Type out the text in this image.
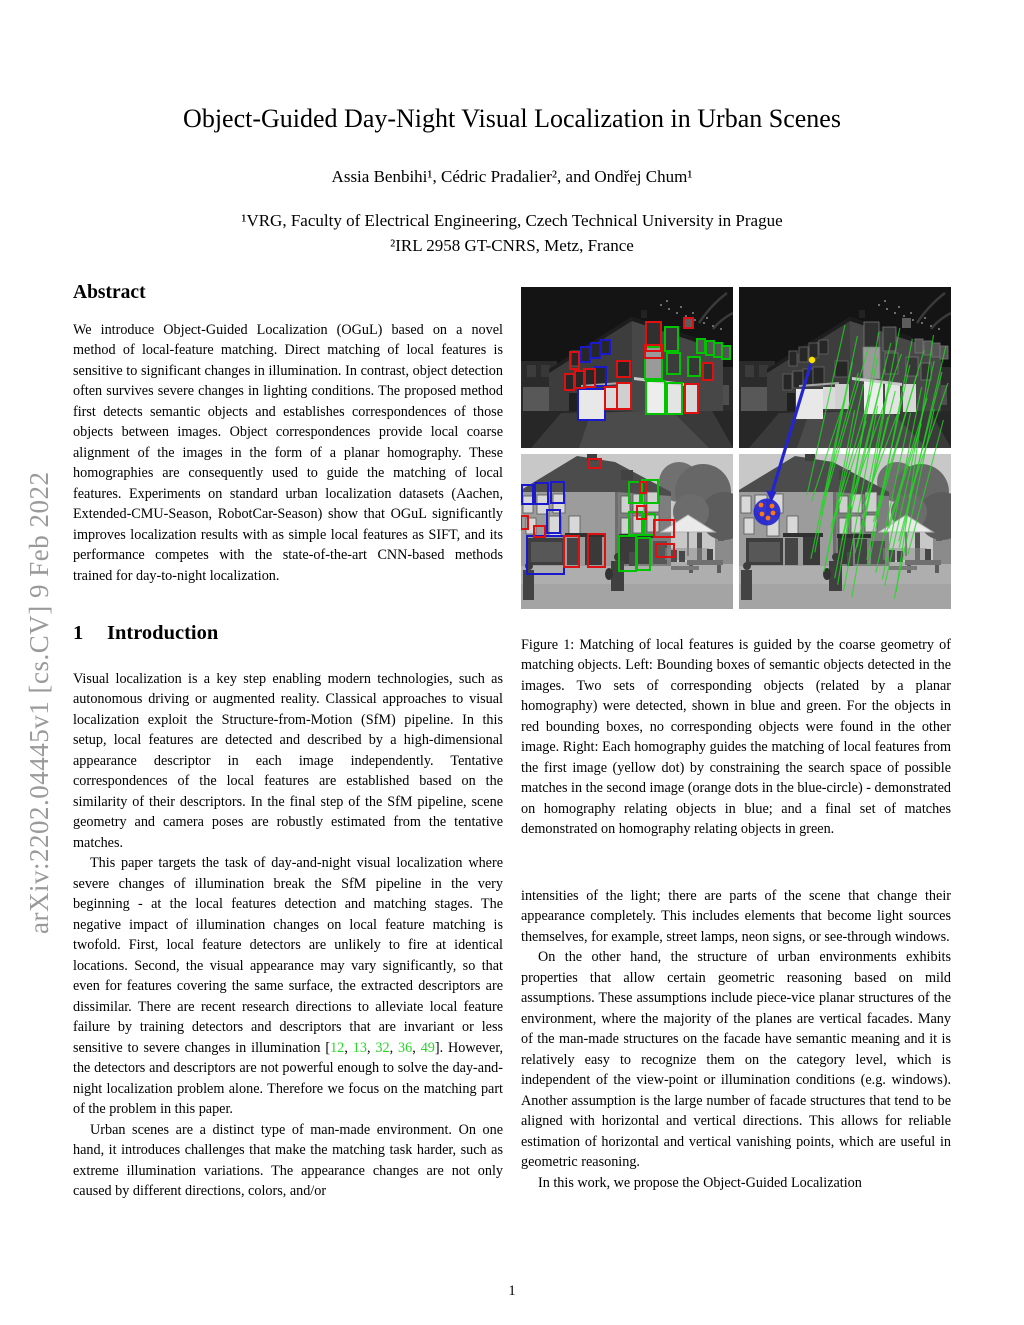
arXiv:2202.04445v1 [cs.CV] 9 Feb 2022
Object-Guided Day-Night Visual Localization in Urban Scenes
Assia Benbihi¹, Cédric Pradalier², and Ondřej Chum¹
¹VRG, Faculty of Electrical Engineering, Czech Technical University in Prague
²IRL 2958 GT-CNRS, Metz, France
Abstract

We introduce Object-Guided Localization (OGuL) based on a novel method of local-feature matching. Direct matching of local features is sensitive to significant changes in illumination. In contrast, object detection often survives severe changes in lighting conditions. The proposed method first detects semantic objects and establishes correspondences of those objects between images. Object correspondences provide local coarse alignment of the images in the form of a planar homography. These homographies are consequently used to guide the matching of local features. Experiments on standard urban localization datasets (Aachen, Extended-CMU-Season, RobotCar-Season) show that OGuL significantly improves localization results with as simple local features as SIFT, and its performance competes with the state-of-the-art CNN-based methods trained for day-to-night localization.

1 Introduction

Visual localization is a key step enabling modern technologies, such as autonomous driving or augmented reality. Classical approaches to visual localization exploit the Structure-from-Motion (SfM) pipeline. In this setup, local features are detected and described by a high-dimensional appearance descriptor in each image independently. Tentative correspondences of the local features are established based on the similarity of their descriptors. In the final step of the SfM pipeline, scene geometry and camera poses are robustly estimated from the tentative matches.

This paper targets the task of day-and-night visual localization where severe changes of illumination break the SfM pipeline in the very beginning - at the local features detection and matching stages. The negative impact of illumination changes on local feature matching is twofold. First, local feature detectors are unlikely to fire at identical locations. Second, the visual appearance may vary significantly, so that even for features covering the same surface, the extracted descriptors are dissimilar. There are recent research directions to alleviate local feature failure by training detectors and descriptors that are invariant or less sensitive to severe changes in illumination [12, 13, 32, 36, 49]. However, the detectors and descriptors are not powerful enough to solve the day-and-night localization problem alone. Therefore we focus on the matching part of the problem in this paper.

Urban scenes are a distinct type of man-made environment. On one hand, it introduces challenges that make the matching task harder, such as extreme illumination variations. The appearance changes are not only caused by different directions, colors, and/or

Figure 1: Matching of local features is guided by the coarse geometry of matching objects. Left: Bounding boxes of semantic objects detected in the images. Two sets of corresponding objects (related by a planar homography) were detected, shown in blue and green. For the objects in red bounding boxes, no corresponding objects were found in the other image. Right: Each homography guides the matching of local features from the first image (yellow dot) by constraining the search space of possible matches in the second image (orange dots in the blue-circle) - demonstrated on homography relating objects in blue; and a final set of matches demonstrated on homography relating objects in green.

intensities of the light; there are parts of the scene that change their appearance completely. This includes elements that become light sources themselves, for example, street lamps, neon signs, or see-through windows.

On the other hand, the structure of urban environments exhibits properties that allow certain geometric reasoning based on mild assumptions. These assumptions include piece-vice planar structures of the environment, where the majority of the planes are vertical facades. Many of the man-made structures on the facade have semantic meaning and it is relatively easy to recognize them on the category level, which is independent of the view-point or illumination conditions (e.g. windows). Another assumption is the large number of facade structures that tend to be aligned with horizontal and vertical directions. This allows for reliable estimation of horizontal and vertical vanishing points, which are useful in geometric reasoning.

In this work, we propose the Object-Guided Localization

1
